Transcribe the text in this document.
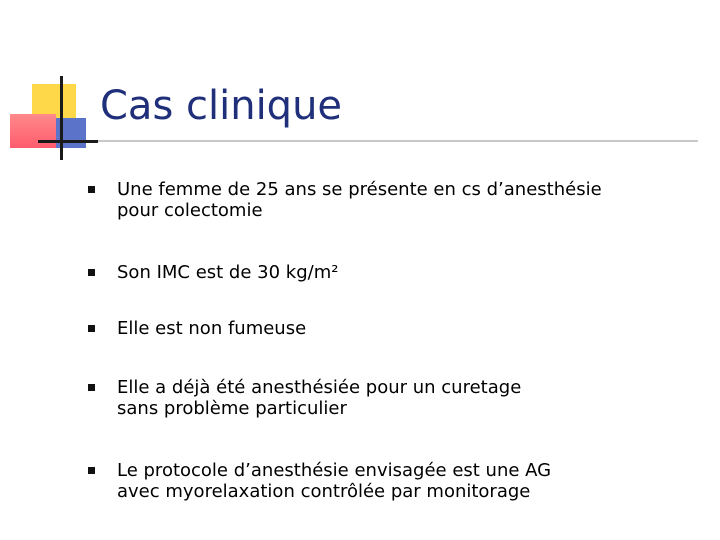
Cas clinique
Une femme de 25 ans se présente en cs d’anesthésie
pour colectomie
Son IMC est de 30 kg/m²
Elle est non fumeuse
Elle a déjà été anesthésiée pour un curetage
sans problème particulier
Le protocole d’anesthésie envisagée est une AG
avec myorelaxation contrôlée par monitorage
